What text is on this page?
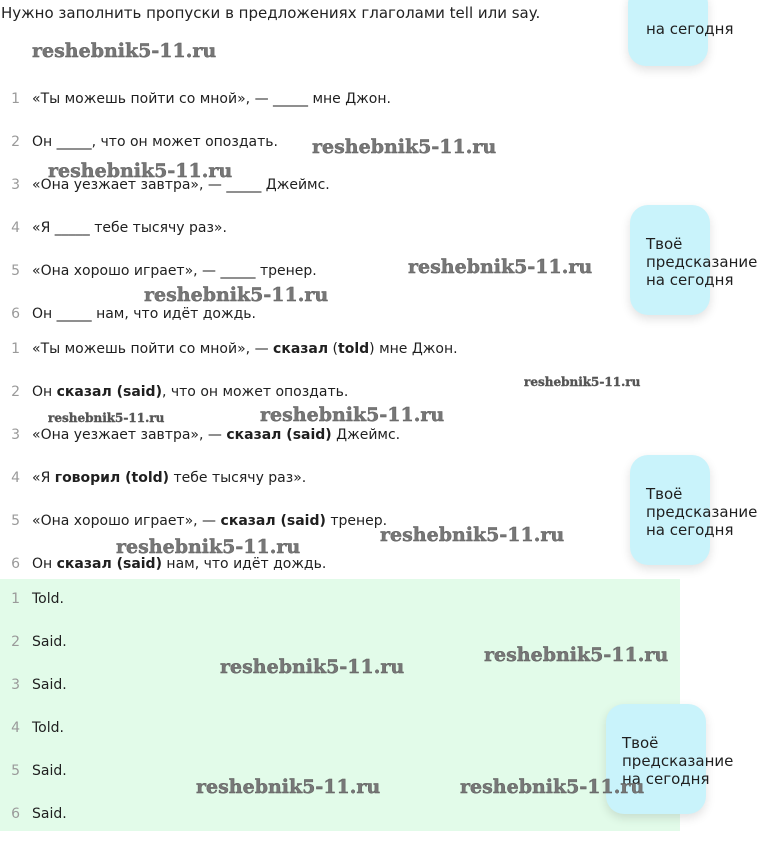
Нужно заполнить пропуски в предложениях глаголами tell или say.
1 «Ты можешь пойти со мной», — _____ мне Джон.
2 Он _____, что он может опоздать.
3 «Она уезжает завтра», — _____ Джеймс.
4 «Я _____ тебе тысячу раз».
5 «Она хорошо играет», — _____ тренер.
6 Он _____ нам, что идёт дождь.
1 «Ты можешь пойти со мной», — сказал (told) мне Джон.
2 Он сказал (said), что он может опоздать.
3 «Она уезжает завтра», — сказал (said) Джеймс.
4 «Я говорил (told) тебе тысячу раз».
5 «Она хорошо играет», — сказал (said) тренер.
6 Он сказал (said) нам, что идёт дождь.
1 Told.
2 Said.
3 Said.
4 Told.
5 Said.
6 Said.
на сегодня
Твоё
предсказание
на сегодня
Твоё
предсказание
на сегодня
Твоё
предсказание
на сегодня
reshebnik5-11.ru
reshebnik5-11.ru
reshebnik5-11.ru
reshebnik5-11.ru
reshebnik5-11.ru
reshebnik5-11.ru
reshebnik5-11.ru
reshebnik5-11.ru
reshebnik5-11.ru
reshebnik5-11.ru
reshebnik5-11.ru
reshebnik5-11.ru
reshebnik5-11.ru	reshebnik5-11.ru
